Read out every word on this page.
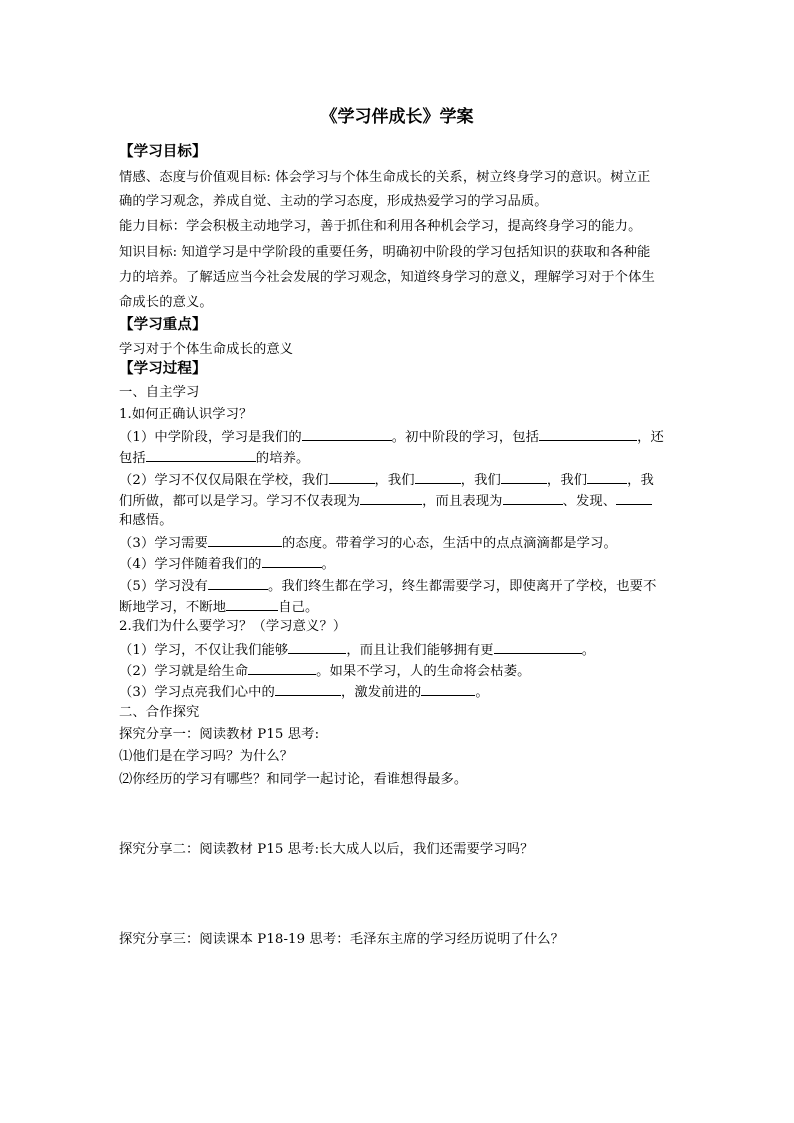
《学习伴成长》学案
【学习目标】
情感、态度与价值观目标: 体会学习与个体生命成长的关系，树立终身学习的意识。树立正
确的学习观念，养成自觉、主动的学习态度，形成热爱学习的学习品质。
能力目标：学会积极主动地学习，善于抓住和利用各种机会学习，提高终身学习的能力。
知识目标: 知道学习是中学阶段的重要任务，明确初中阶段的学习包括知识的获取和各种能
力的培养。了解适应当今社会发展的学习观念，知道终身学习的意义，理解学习对于个体生
命成长的意义。
【学习重点】
学习对于个体生命成长的意义
【学习过程】
一、自主学习
1.如何正确认识学习？
（1）中学阶段，学习是我们的	。初中阶段的学习，包括	，还
包括	的培养。
（2）学习不仅仅局限在学校，我们	，我们	，我们	，我们	，我
们所做，都可以是学习。学习不仅表现为	，而且表现为	、发现、
和感悟。
（3）学习需要	的态度。带着学习的心态，生活中的点点滴滴都是学习。
（4）学习伴随着我们的	。
（5）学习没有	。我们终生都在学习，终生都需要学习，即使离开了学校，也要不
断地学习，不断地	自己。
2.我们为什么要学习？（学习意义？）
（1）学习，不仅让我们能够	，而且让我们能够拥有更	。
（2）学习就是给生命	。如果不学习，人的生命将会枯萎。
（3）学习点亮我们心中的	，激发前进的	。
二、合作探究
探究分享一：阅读教材 P15 思考:
⑴他们是在学习吗？为什么？
⑵你经历的学习有哪些？和同学一起讨论，看谁想得最多。
探究分享二：阅读教材 P15 思考:长大成人以后，我们还需要学习吗？
探究分享三：阅读课本 P18-19 思考：毛泽东主席的学习经历说明了什么？
